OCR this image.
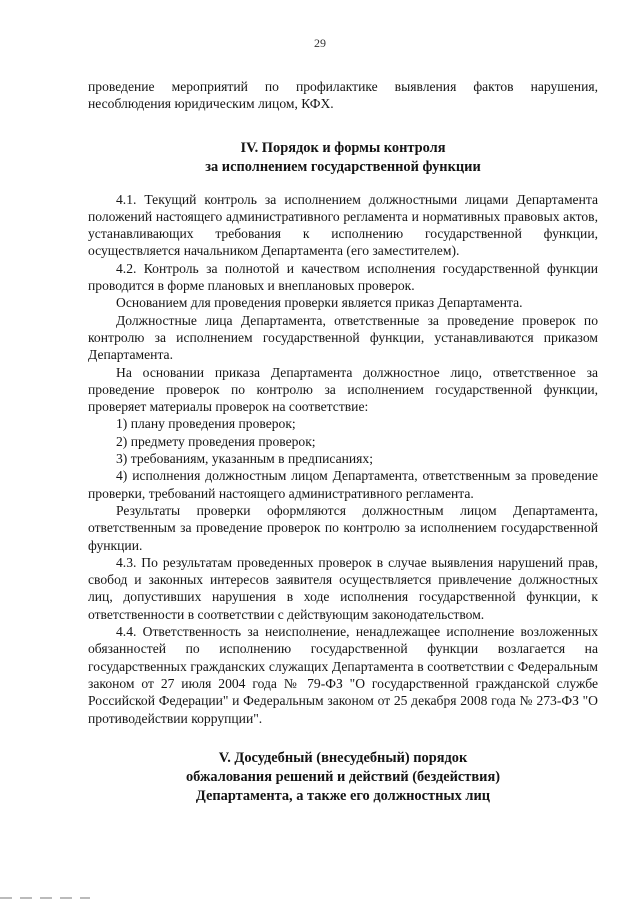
29

проведение мероприятий по профилактике выявления фактов нарушения, несоблюдения юридическим лицом, КФХ.

IV. Порядок и формы контроля

за исполнением государственной функции

4.1. Текущий контроль за исполнением должностными лицами Департамента положений настоящего административного регламента и нормативных правовых актов, устанавливающих требования к исполнению государственной функции, осуществляется начальником Департамента (его заместителем).

4.2. Контроль за полнотой и качеством исполнения государственной функции проводится в форме плановых и внеплановых проверок.

Основанием для проведения проверки является приказ Департамента.

Должностные лица Департамента, ответственные за проведение проверок по контролю за исполнением государственной функции, устанавливаются приказом Департамента.

На основании приказа Департамента должностное лицо, ответственное за проведение проверок по контролю за исполнением государственной функции, проверяет материалы проверок на соответствие:

1) плану проведения проверок;

2) предмету проведения проверок;

3) требованиям, указанным в предписаниях;

4) исполнения должностным лицом Департамента, ответственным за проведение проверки, требований настоящего административного регламента.

Результаты проверки оформляются должностным лицом Департамента, ответственным за проведение проверок по контролю за исполнением государственной функции.

4.3. По результатам проведенных проверок в случае выявления нарушений прав, свобод и законных интересов заявителя осуществляется привлечение должностных лиц, допустивших нарушения в ходе исполнения государственной функции, к ответственности в соответствии с действующим законодательством.

4.4. Ответственность за неисполнение, ненадлежащее исполнение возложенных обязанностей по исполнению государственной функции возлагается на государственных гражданских служащих Департамента в соответствии с Федеральным законом от 27 июля 2004 года № 79-ФЗ "О государственной гражданской службе Российской Федерации" и Федеральным законом от 25 декабря 2008 года № 273-ФЗ "О противодействии коррупции".

V. Досудебный (внесудебный) порядок

обжалования решений и действий (бездействия)

Департамента, а также его должностных лиц
